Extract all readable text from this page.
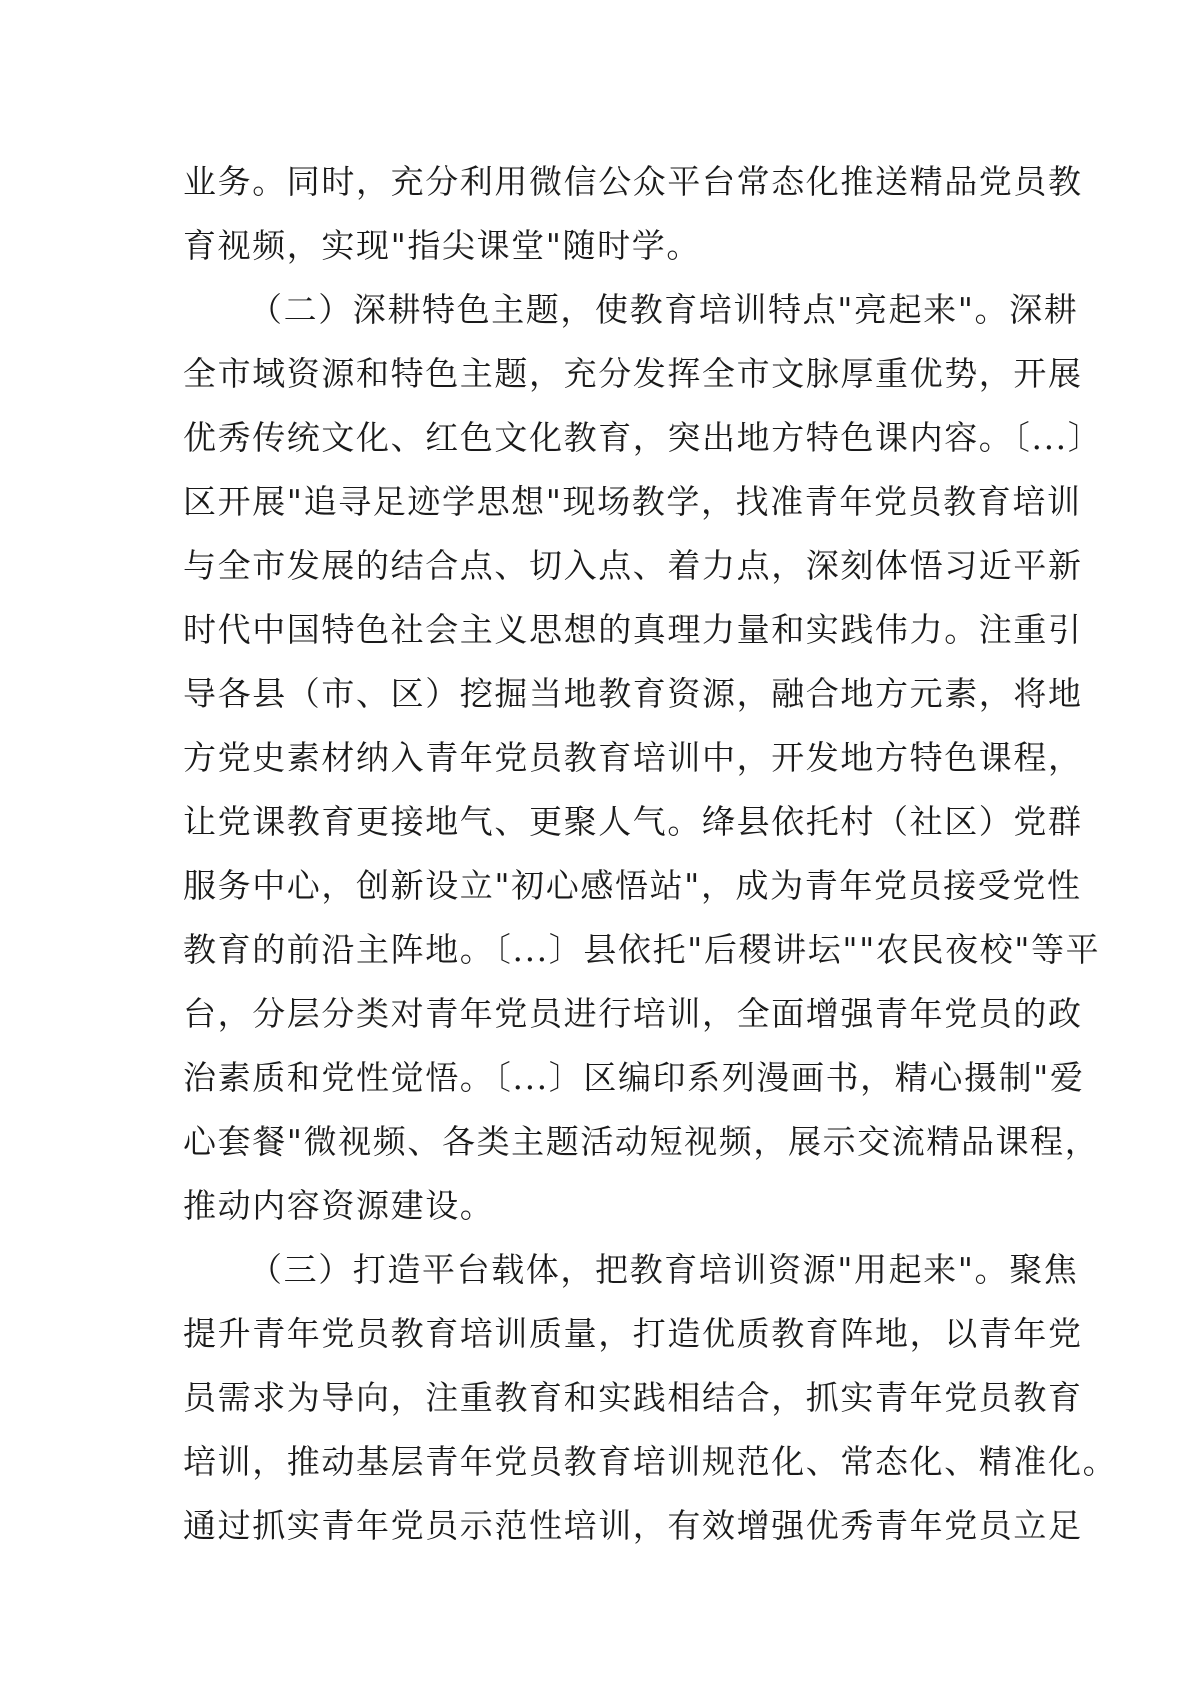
业务。同时，充分利用微信公众平台常态化推送精品党员教
育视频，实现"指尖课堂"随时学。
（二）深耕特色主题，使教育培训特点"亮起来"。深耕
全市域资源和特色主题，充分发挥全市文脉厚重优势，开展
优秀传统文化、红色文化教育，突出地方特色课内容。〔...〕
区开展"追寻足迹学思想"现场教学，找准青年党员教育培训
与全市发展的结合点、切入点、着力点，深刻体悟习近平新
时代中国特色社会主义思想的真理力量和实践伟力。注重引
导各县（市、区）挖掘当地教育资源，融合地方元素，将地
方党史素材纳入青年党员教育培训中，开发地方特色课程，
让党课教育更接地气、更聚人气。绛县依托村（社区）党群
服务中心，创新设立"初心感悟站"，成为青年党员接受党性
教育的前沿主阵地。〔...〕县依托"后稷讲坛""农民夜校"等平
台，分层分类对青年党员进行培训，全面增强青年党员的政
治素质和党性觉悟。〔...〕区编印系列漫画书，精心摄制"爱
心套餐"微视频、各类主题活动短视频，展示交流精品课程，
推动内容资源建设。
（三）打造平台载体，把教育培训资源"用起来"。聚焦
提升青年党员教育培训质量，打造优质教育阵地，以青年党
员需求为导向，注重教育和实践相结合，抓实青年党员教育
培训，推动基层青年党员教育培训规范化、常态化、精准化。
通过抓实青年党员示范性培训，有效增强优秀青年党员立足
